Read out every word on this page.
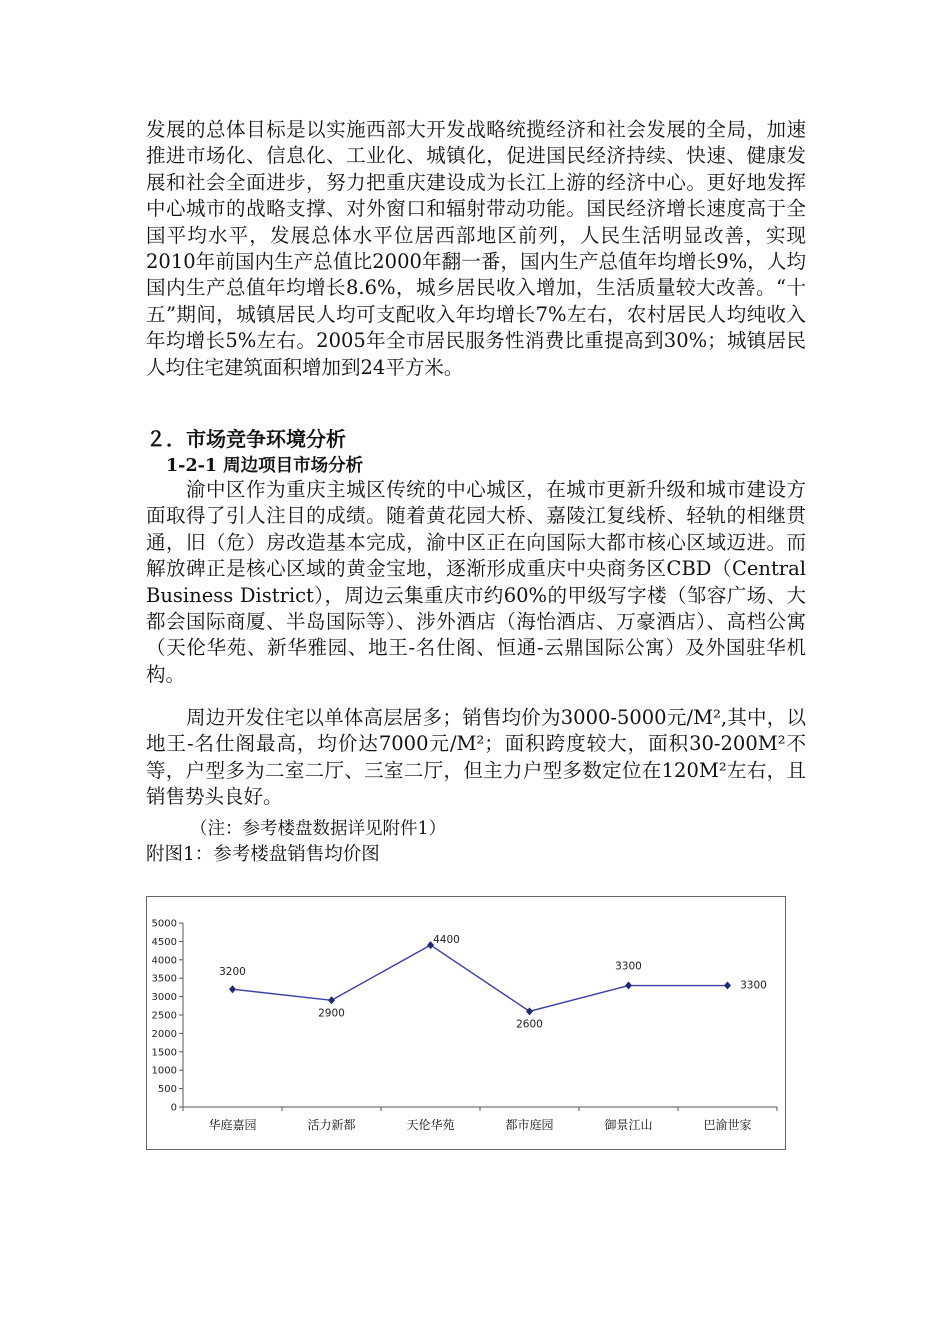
发展的总体目标是以实施西部大开发战略统揽经济和社会发展的全局，加速推进市场化、信息化、工业化、城镇化，促进国民经济持续、快速、健康发展和社会全面进步，努力把重庆建设成为长江上游的经济中心。更好地发挥中心城市的战略支撑、对外窗口和辐射带动功能。国民经济增长速度高于全国平均水平，发展总体水平位居西部地区前列，人民生活明显改善，实现2010年前国内生产总值比2000年翻一番，国内生产总值年均增长9%，人均国内生产总值年均增长8.6%，城乡居民收入增加，生活质量较大改善。“十五”期间，城镇居民人均可支配收入年均增长7%左右，农村居民人均纯收入年均增长5%左右。2005年全市居民服务性消费比重提高到30%；城镇居民人均住宅建筑面积增加到24平方米。

２．市场竞争环境分析
1-2-1 周边项目市场分析

渝中区作为重庆主城区传统的中心城区，在城市更新升级和城市建设方面取得了引人注目的成绩。随着黄花园大桥、嘉陵江复线桥、轻轨的相继贯通，旧（危）房改造基本完成，渝中区正在向国际大都市核心区域迈进。而解放碑正是核心区域的黄金宝地，逐渐形成重庆中央商务区CBD（Central Business District），周边云集重庆市约60%的甲级写字楼（邹容广场、大都会国际商厦、半岛国际等）、涉外酒店（海怡酒店、万豪酒店）、高档公寓（天伦华苑、新华雅园、地王-名仕阁、恒通-云鼎国际公寓）及外国驻华机构。

周边开发住宅以单体高层居多；销售均价为3000-5000元/M²,其中，以地王-名仕阁最高，均价达7000元/M²；面积跨度较大，面积30-200M²不等，户型多为二室二厅、三室二厅，但主力户型多数定位在120M²左右，且销售势头良好。

（注：参考楼盘数据详见附件1）

附图1：参考楼盘销售均价图

0
500
1000
1500
2000
2500
3000
3500
4000
4500
5000
华庭嘉园	活力新都	天伦华苑	都市庭园	御景江山	巴渝世家
3200
2900
4400
2600
3300
3300
